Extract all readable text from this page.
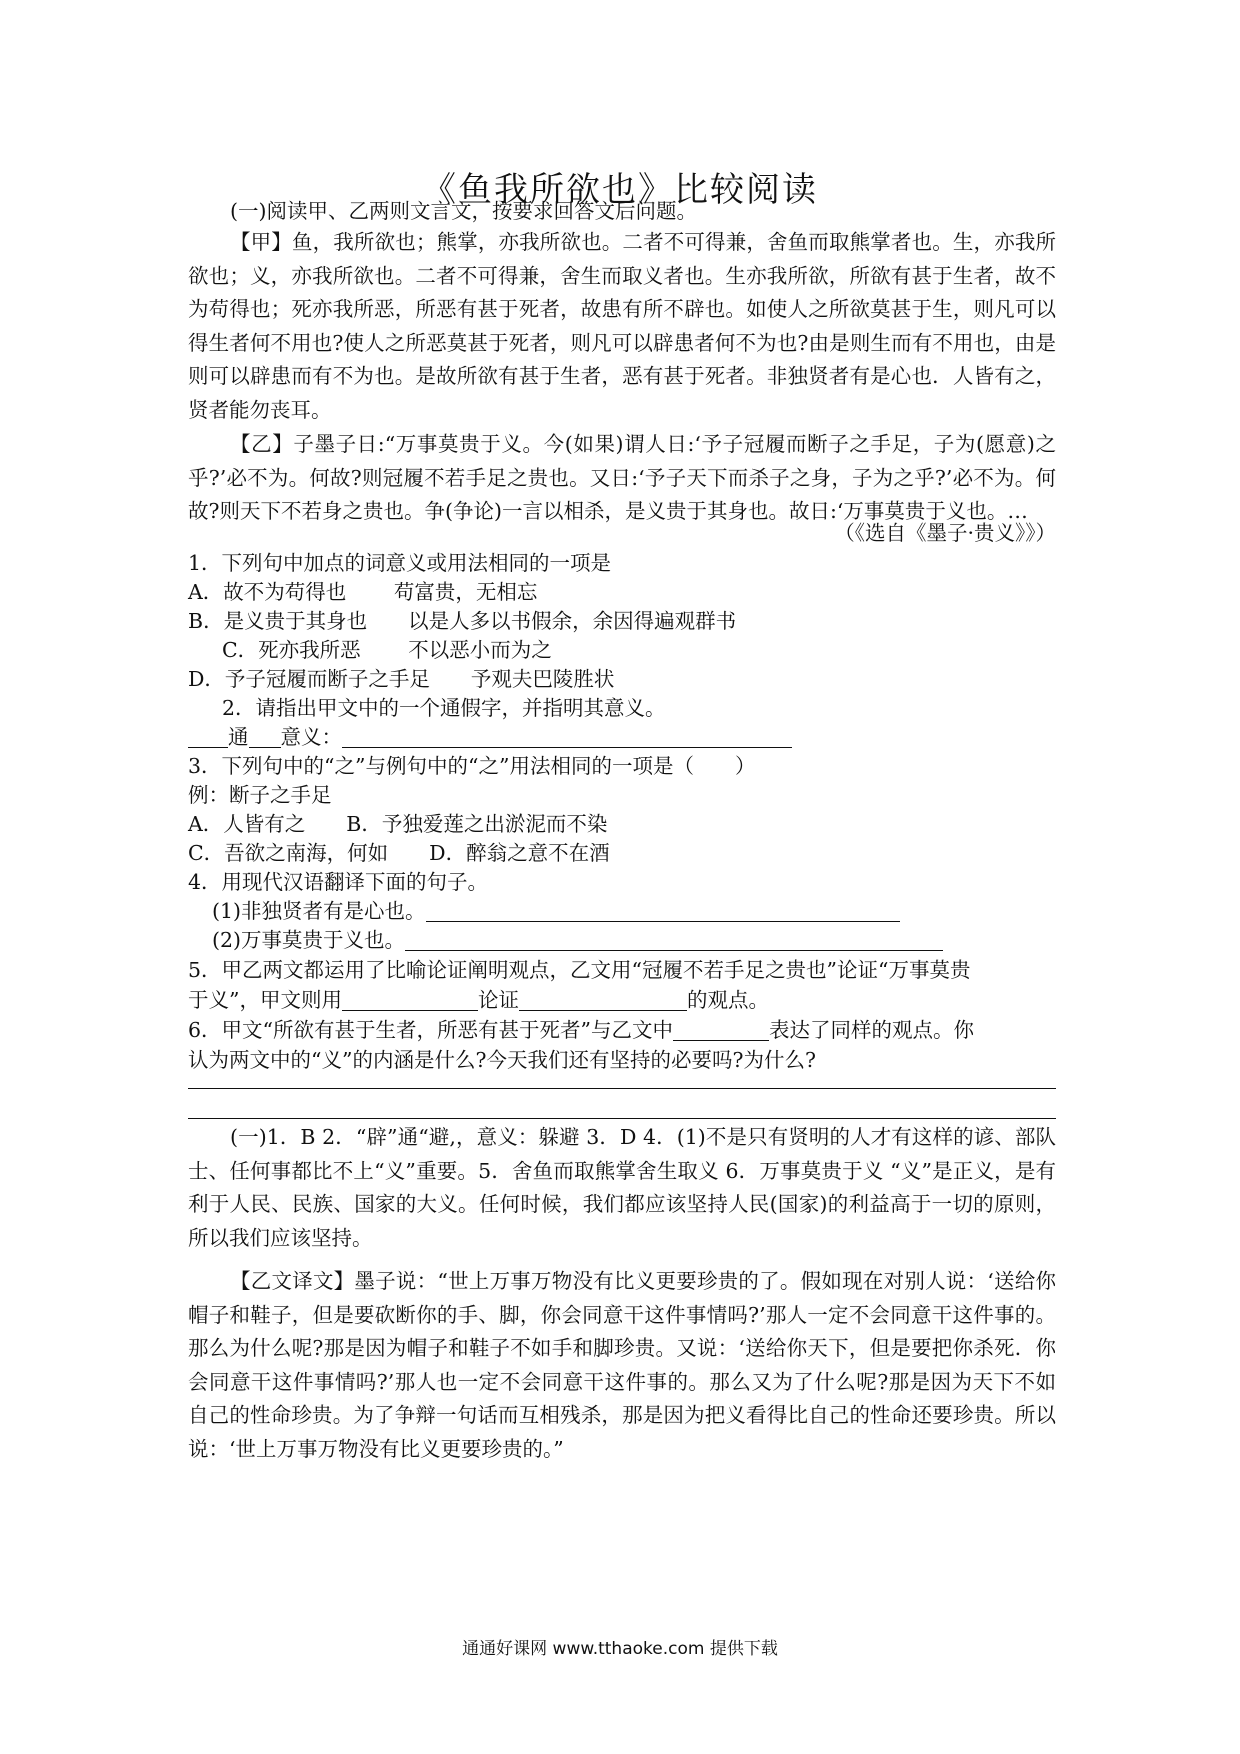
《鱼我所欲也》比较阅读
(一)阅读甲、乙两则文言文，按要求回答文后问题。
【甲】鱼，我所欲也；熊掌，亦我所欲也。二者不可得兼，舍鱼而取熊掌者也。生，亦我所欲也；义，亦我所欲也。二者不可得兼，舍生而取义者也。生亦我所欲，所欲有甚于生者，故不为苟得也；死亦我所恶，所恶有甚于死者，故患有所不辟也。如使人之所欲莫甚于生，则凡可以得生者何不用也?使人之所恶莫甚于死者，则凡可以辟患者何不为也?由是则生而有不用也，由是则可以辟患而有不为也。是故所欲有甚于生者，恶有甚于死者。非独贤者有是心也．人皆有之，贤者能勿丧耳。
【乙】子墨子日:“万事莫贵于义。今(如果)谓人日:‘予子冠履而断子之手足，子为(愿意)之乎?’必不为。何故?则冠履不若手足之贵也。又日:‘予子天下而杀子之身，子为之乎?’必不为。何故?则天下不若身之贵也。争(争论)一言以相杀，是义贵于其身也。故日:‘万事莫贵于义也。…
（《选自《墨子·贵义》》）
1．下列句中加点的词意义或用法相同的一项是
A．故不为苟得也　　 苟富贵，无相忘
B．是义贵于其身也　　以是人多以书假余，余因得遍观群书
C．死亦我所恶　　 不以恶小而为之
D．予子冠履而断子之手足　　予观夫巴陵胜状
2．请指出甲文中的一个通假字，并指明其意义。
通 意义：
3．下列句中的“之”与例句中的“之”用法相同的一项是（　　）
例：断子之手足
A．人皆有之　　B．予独爱莲之出淤泥而不染
C．吾欲之南海，何如　　D．醉翁之意不在酒
4．用现代汉语翻译下面的句子。
(1)非独贤者有是心也。
(2)万事莫贵于义也。
5．甲乙两文都运用了比喻论证阐明观点，乙文用“冠履不若手足之贵也”论证“万事莫贵
于义”，甲文则用	论证	的观点。
6．甲文“所欲有甚于生者，所恶有甚于死者”与乙文中	表达了同样的观点。你
认为两文中的“义”的内涵是什么?今天我们还有坚持的必要吗?为什么?
(一)1．B 2．“辟”通“避,，意义：躲避 3．D 4．(1)不是只有贤明的人才有这样的谚、部队士、任何事都比不上“义”重要。5．舍鱼而取熊掌舍生取义 6．万事莫贵于义 “义”是正义，是有利于人民、民族、国家的大义。任何时候，我们都应该坚持人民(国家)的利益高于一切的原则，所以我们应该坚持。
【乙文译文】墨子说：“世上万事万物没有比义更要珍贵的了。假如现在对别人说：‘送给你帽子和鞋子，但是要砍断你的手、脚，你会同意干这件事情吗?’那人一定不会同意干这件事的。那么为什么呢?那是因为帽子和鞋子不如手和脚珍贵。又说：‘送给你天下，但是要把你杀死．你会同意干这件事情吗?’那人也一定不会同意干这件事的。那么又为了什么呢?那是因为天下不如自己的性命珍贵。为了争辩一句话而互相残杀，那是因为把义看得比自己的性命还要珍贵。所以说：‘世上万事万物没有比义更要珍贵的。”
通通好课网 www.tthaoke.com 提供下载
